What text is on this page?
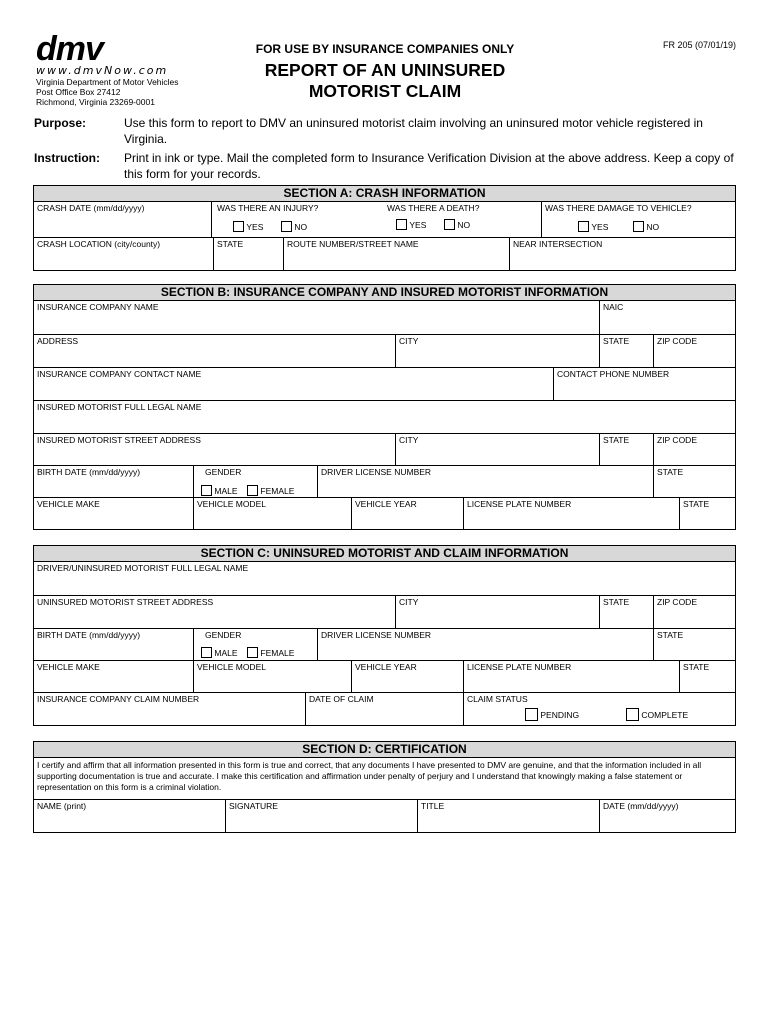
dmv
www.dmvNow.com
Virginia Department of Motor Vehicles
Post Office Box 27412
Richmond, Virginia 23269-0001
FOR USE BY INSURANCE COMPANIES ONLY
REPORT OF AN UNINSURED
MOTORIST CLAIM
FR 205 (07/01/19)
Purpose:	Use this form to report to DMV an uninsured motorist claim involving an uninsured motor vehicle registered in Virginia.
Instruction: Print in ink or type. Mail the completed form to Insurance Verification Division at the above address. Keep a copy of this form for your records.
SECTION A: CRASH INFORMATION
CRASH DATE (mm/dd/yyyy)	WAS THERE AN INJURY?
YES	NO
WAS THERE A DEATH?
YES	NO
WAS THERE DAMAGE TO VEHICLE?
YES	NO
CRASH LOCATION (city/county)	STATE	ROUTE NUMBER/STREET NAME	NEAR INTERSECTION
SECTION B: INSURANCE COMPANY AND INSURED MOTORIST INFORMATION
INSURANCE COMPANY NAME	NAIC
ADDRESS	CITY	STATE	ZIP CODE
INSURANCE COMPANY CONTACT NAME	CONTACT PHONE NUMBER
INSURED MOTORIST FULL LEGAL NAME
INSURED MOTORIST STREET ADDRESS	CITY	STATE	ZIP CODE
BIRTH DATE (mm/dd/yyyy)	GENDER
MALE	FEMALE
DRIVER LICENSE NUMBER	STATE
VEHICLE MAKE	VEHICLE MODEL	VEHICLE YEAR	LICENSE PLATE NUMBER	STATE
SECTION C: UNINSURED MOTORIST AND CLAIM INFORMATION
DRIVER/UNINSURED MOTORIST FULL LEGAL NAME
UNINSURED MOTORIST STREET ADDRESS	CITY	STATE	ZIP CODE
BIRTH DATE (mm/dd/yyyy)	GENDER
MALE	FEMALE
DRIVER LICENSE NUMBER	STATE
VEHICLE MAKE	VEHICLE MODEL	VEHICLE YEAR	LICENSE PLATE NUMBER	STATE
INSURANCE COMPANY CLAIM NUMBER	DATE OF CLAIM	CLAIM STATUS
PENDING	COMPLETE
SECTION D: CERTIFICATION
I certify and affirm that all information presented in this form is true and correct, that any documents I have presented to DMV are genuine, and that the information included in all supporting documentation is true and accurate. I make this certification and affirmation under penalty of perjury and I understand that knowingly making a false statement or representation on this form is a criminal violation.
NAME (print)	SIGNATURE	TITLE	DATE (mm/dd/yyyy)
